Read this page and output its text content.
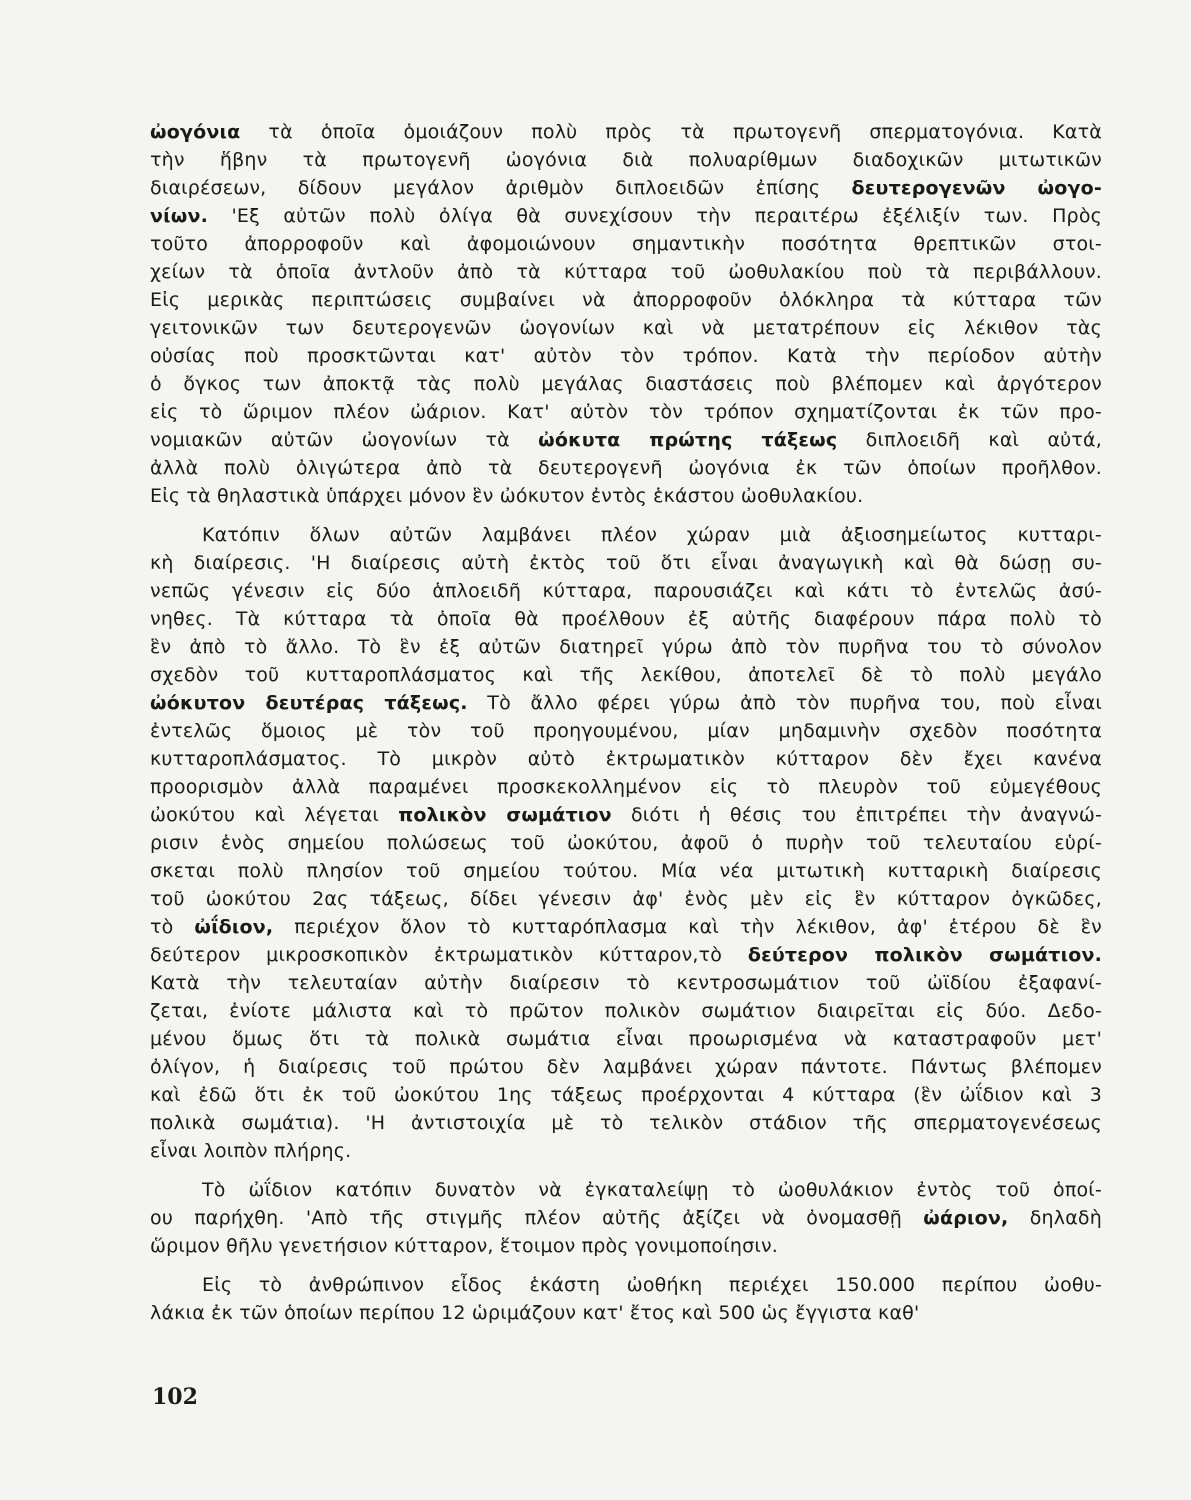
ὠογόνια τὰ ὁποῖα ὁμοιάζουν πολὺ πρὸς τὰ πρωτογενῆ σπερματογόνια. Κατὰ
τὴν ἥβην τὰ πρωτογενῆ ὠογόνια διὰ πολυαρίθμων διαδοχικῶν μιτωτικῶν
διαιρέσεων, δίδουν μεγάλον ἀριθμὸν διπλοειδῶν ἐπίσης δευτερογενῶν ὠογο-
νίων. 'Εξ αὐτῶν πολὺ ὀλίγα θὰ συνεχίσουν τὴν περαιτέρω ἐξέλιξίν των. Πρὸς
τοῦτο ἀπορροφοῦν καὶ ἀφομοιώνουν σημαντικὴν ποσότητα θρεπτικῶν στοι-
χείων τὰ ὁποῖα ἀντλοῦν ἀπὸ τὰ κύτταρα τοῦ ὠοθυλακίου ποὺ τὰ περιβάλλουν.
Εἰς μερικὰς περιπτώσεις συμβαίνει νὰ ἀπορροφοῦν ὁλόκληρα τὰ κύτταρα τῶν
γειτονικῶν των δευτερογενῶν ὠογονίων καὶ νὰ μετατρέπουν εἰς λέκιθον τὰς
οὐσίας ποὺ προσκτῶνται κατ' αὐτὸν τὸν τρόπον. Κατὰ τὴν περίοδον αὐτὴν
ὁ ὄγκος των ἀποκτᾷ τὰς πολὺ μεγάλας διαστάσεις ποὺ βλέπομεν καὶ ἀργότερον
εἰς τὸ ὥριμον πλέον ὠάριον. Κατ' αὐτὸν τὸν τρόπον σχηματίζονται ἐκ τῶν προ-
νομιακῶν αὐτῶν ὠογονίων τὰ ὠόκυτα πρώτης τάξεως διπλοειδῆ καὶ αὐτά,
ἀλλὰ πολὺ ὀλιγώτερα ἀπὸ τὰ δευτερογενῆ ὠογόνια ἐκ τῶν ὁποίων προῆλθον.
Εἰς τὰ θηλαστικὰ ὑπάρχει μόνον ἓν ὠόκυτον ἐντὸς ἑκάστου ὠοθυλακίου.
Κατόπιν ὅλων αὐτῶν λαμβάνει πλέον χώραν μιὰ ἀξιοσημείωτος κυτταρι-
κὴ διαίρεσις. 'Η διαίρεσις αὐτὴ ἐκτὸς τοῦ ὅτι εἶναι ἀναγωγικὴ καὶ θὰ δώσῃ συ-
νεπῶς γένεσιν εἰς δύο ἁπλοειδῆ κύτταρα, παρουσιάζει καὶ κάτι τὸ ἐντελῶς ἀσύ-
νηθες. Τὰ κύτταρα τὰ ὁποῖα θὰ προέλθουν ἐξ αὐτῆς διαφέρουν πάρα πολὺ τὸ
ἓν ἀπὸ τὸ ἄλλο. Τὸ ἓν ἐξ αὐτῶν διατηρεῖ γύρω ἀπὸ τὸν πυρῆνα του τὸ σύνολον
σχεδὸν τοῦ κυτταροπλάσματος καὶ τῆς λεκίθου, ἀποτελεῖ δὲ τὸ πολὺ μεγάλο
ὠόκυτον δευτέρας τάξεως. Τὸ ἄλλο φέρει γύρω ἀπὸ τὸν πυρῆνα του, ποὺ εἶναι
ἐντελῶς ὅμοιος μὲ τὸν τοῦ προηγουμένου, μίαν μηδαμινὴν σχεδὸν ποσότητα
κυτταροπλάσματος. Τὸ μικρὸν αὐτὸ ἐκτρωματικὸν κύτταρον δὲν ἔχει κανένα
προορισμὸν ἀλλὰ παραμένει προσκεκολλημένον εἰς τὸ πλευρὸν τοῦ εὐμεγέθους
ὠοκύτου καὶ λέγεται πολικὸν σωμάτιον διότι ἡ θέσις του ἐπιτρέπει τὴν ἀναγνώ-
ρισιν ἑνὸς σημείου πολώσεως τοῦ ὠοκύτου, ἀφοῦ ὁ πυρὴν τοῦ τελευταίου εὑρί-
σκεται πολὺ πλησίον τοῦ σημείου τούτου. Μία νέα μιτωτικὴ κυτταρικὴ διαίρεσις
τοῦ ὠοκύτου 2ας τάξεως, δίδει γένεσιν ἀφ' ἑνὸς μὲν εἰς ἓν κύτταρον ὀγκῶδες,
τὸ ὠΐδιον, περιέχον ὅλον τὸ κυτταρόπλασμα καὶ τὴν λέκιθον, ἀφ' ἑτέρου δὲ ἓν
δεύτερον μικροσκοπικὸν ἐκτρωματικὸν κύτταρον,τὸ δεύτερον πολικὸν σωμάτιον.
Κατὰ τὴν τελευταίαν αὐτὴν διαίρεσιν τὸ κεντροσωμάτιον τοῦ ὠϊδίου ἐξαφανί-
ζεται, ἐνίοτε μάλιστα καὶ τὸ πρῶτον πολικὸν σωμάτιον διαιρεῖται εἰς δύο. Δεδο-
μένου ὅμως ὅτι τὰ πολικὰ σωμάτια εἶναι προωρισμένα νὰ καταστραφοῦν μετ'
ὀλίγον, ἡ διαίρεσις τοῦ πρώτου δὲν λαμβάνει χώραν πάντοτε. Πάντως βλέπομεν
καὶ ἐδῶ ὅτι ἐκ τοῦ ὠοκύτου 1ης τάξεως προέρχονται 4 κύτταρα (ἓν ὠΐδιον καὶ 3
πολικὰ σωμάτια). 'Η ἀντιστοιχία μὲ τὸ τελικὸν στάδιον τῆς σπερματογενέσεως
εἶναι λοιπὸν πλήρης.
Τὸ ὠΐδιον κατόπιν δυνατὸν νὰ ἐγκαταλείψῃ τὸ ὠοθυλάκιον ἐντὸς τοῦ ὁποί-
ου παρήχθη. 'Απὸ τῆς στιγμῆς πλέον αὐτῆς ἀξίζει νὰ ὀνομασθῇ ὠάριον, δηλαδὴ
ὥριμον θῆλυ γενετήσιον κύτταρον, ἕτοιμον πρὸς γονιμοποίησιν.
Εἰς τὸ ἀνθρώπινον εἶδος ἑκάστη ὠοθήκη περιέχει 150.000 περίπου ὠοθυ-
λάκια ἐκ τῶν ὁποίων περίπου 12 ὡριμάζουν κατ' ἔτος καὶ 500 ὡς ἔγγιστα καθ'
102
